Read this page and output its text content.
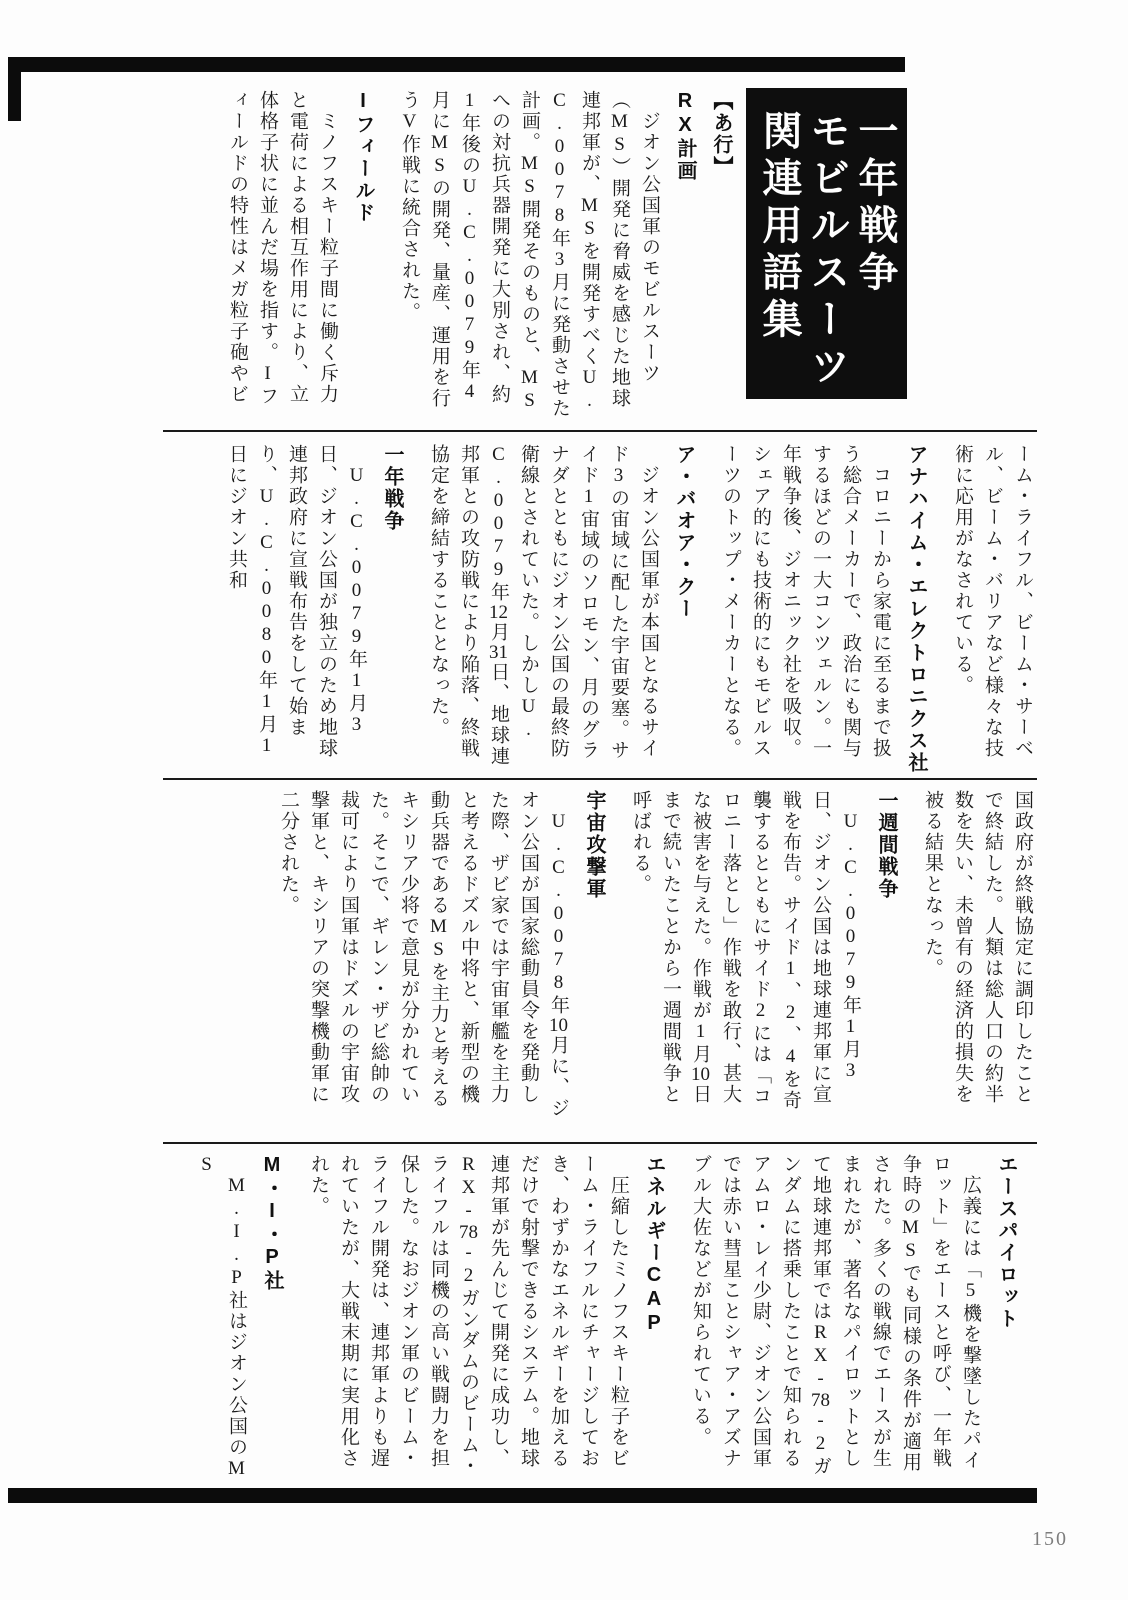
一年戦争
モビルスーツ
関連用語集
【あ行】
RX計画

　ジオン公国軍のモビルスーツ（MS）開発に脅威を感じた地球連邦軍が、MSを開発すべくU.C.0078年3月に発動させた計画。MS開発そのものと、MSへの対抗兵器開発に大別され、約1年後のU.C.0079年4月にMSの開発、量産、運用を行うV作戦に統合された。

Iフィールド

　ミノフスキー粒子間に働く斥力と電荷による相互作用により、立体格子状に並んだ場を指す。Iフィールドの特性はメガ粒子砲やビ

ーム・ライフル、ビーム・サーベル、ビーム・バリアなど様々な技術に応用がなされている。

アナハイム・エレクトロニクス社

　コロニーから家電に至るまで扱う総合メーカーで、政治にも関与するほどの一大コンツェルン。一年戦争後、ジオニック社を吸収。シェア的にも技術的にもモビルスーツのトップ・メーカーとなる。

ア・バオア・クー

　ジオン公国軍が本国となるサイド3の宙域に配した宇宙要塞。サイド1宙域のソロモン、月のグラナダとともにジオン公国の最終防衛線とされていた。しかしU.C.0079年12月31日、地球連邦軍との攻防戦により陥落、終戦協定を締結することとなった。

一年戦争

　U.C.0079年1月3日、ジオン公国が独立のため地球連邦政府に宣戦布告をして始まり、U.C.0080年1月1日にジオン共和

国政府が終戦協定に調印したことで終結した。人類は総人口の約半数を失い、未曾有の経済的損失を被る結果となった。

一週間戦争

　U.C.0079年1月3日、ジオン公国は地球連邦軍に宣戦を布告。サイド1、2、4を奇襲するとともにサイド2には「コロニー落とし」作戦を敢行、甚大な被害を与えた。作戦が1月10日まで続いたことから一週間戦争と呼ばれる。

宇宙攻撃軍

　U.C.0078年10月に、ジオン公国が国家総動員令を発動した際、ザビ家では宇宙軍艦を主力と考えるドズル中将と、新型の機動兵器であるMSを主力と考えるキシリア少将で意見が分かれていた。そこで、ギレン・ザビ総帥の裁可により国軍はドズルの宇宙攻撃軍と、キシリアの突撃機動軍に二分された。

エースパイロット

　広義には「5機を撃墜したパイロット」をエースと呼び、一年戦争時のMSでも同様の条件が適用された。多くの戦線でエースが生まれたが、著名なパイロットとして地球連邦軍ではRX-78-2ガンダムに搭乗したことで知られるアムロ・レイ少尉、ジオン公国軍では赤い彗星ことシャア・アズナブル大佐などが知られている。

エネルギーCAP

　圧縮したミノフスキー粒子をビーム・ライフルにチャージしておき、わずかなエネルギーを加えるだけで射撃できるシステム。地球連邦軍が先んじて開発に成功し、RX-78-2ガンダムのビーム・ライフルは同機の高い戦闘力を担保した。なおジオン軍のビーム・ライフル開発は、連邦軍よりも遅れていたが、大戦末期に実用化された。

M・I・P社

　M.I.P社はジオン公国のMS

150
